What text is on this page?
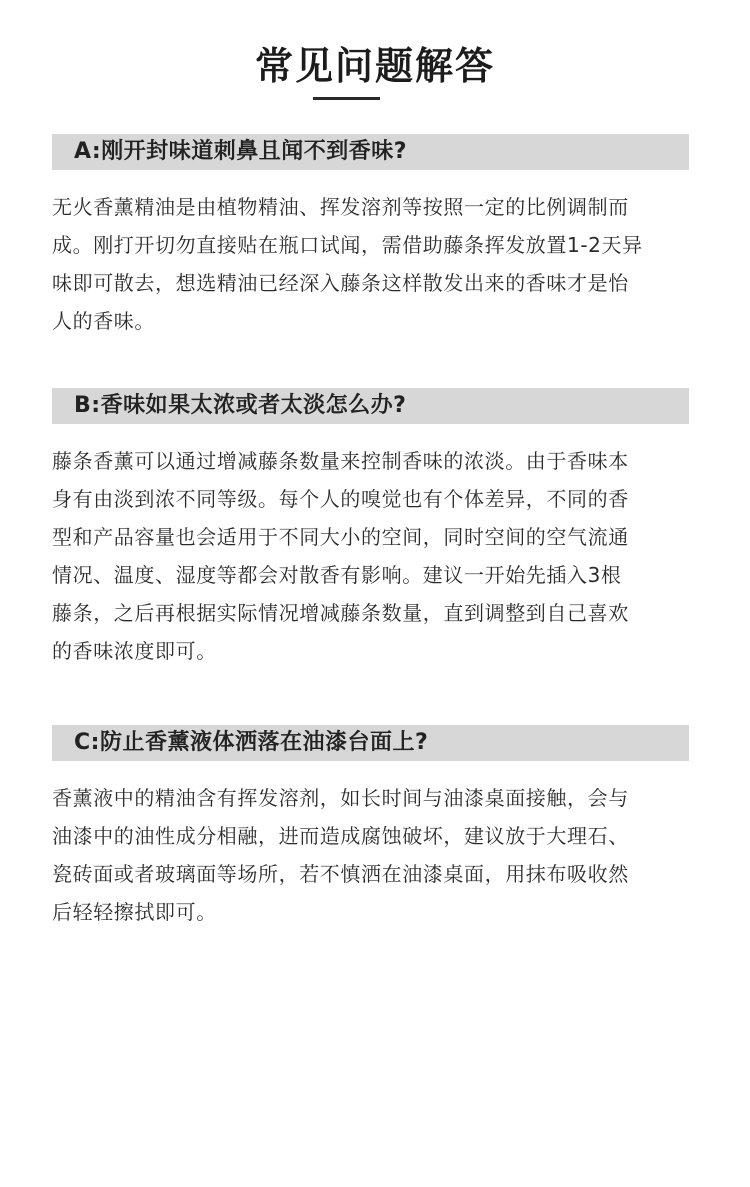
常见问题解答
A:刚开封味道刺鼻且闻不到香味?

无火香薰精油是由植物精油、挥发溶剂等按照一定的比例调制而

成。刚打开切勿直接贴在瓶口试闻，需借助藤条挥发放置1-2天异

味即可散去，想选精油已经深入藤条这样散发出来的香味才是怡

人的香味。

B:香味如果太浓或者太淡怎么办?

藤条香薰可以通过增减藤条数量来控制香味的浓淡。由于香味本

身有由淡到浓不同等级。每个人的嗅觉也有个体差异，不同的香

型和产品容量也会适用于不同大小的空间，同时空间的空气流通

情况、温度、湿度等都会对散香有影响。建议一开始先插入3根

藤条，之后再根据实际情况增减藤条数量，直到调整到自己喜欢

的香味浓度即可。

C:防止香薰液体洒落在油漆台面上?

香薰液中的精油含有挥发溶剂，如长时间与油漆桌面接触，会与

油漆中的油性成分相融，进而造成腐蚀破坏，建议放于大理石、

瓷砖面或者玻璃面等场所，若不慎洒在油漆桌面，用抹布吸收然

后轻轻擦拭即可。
